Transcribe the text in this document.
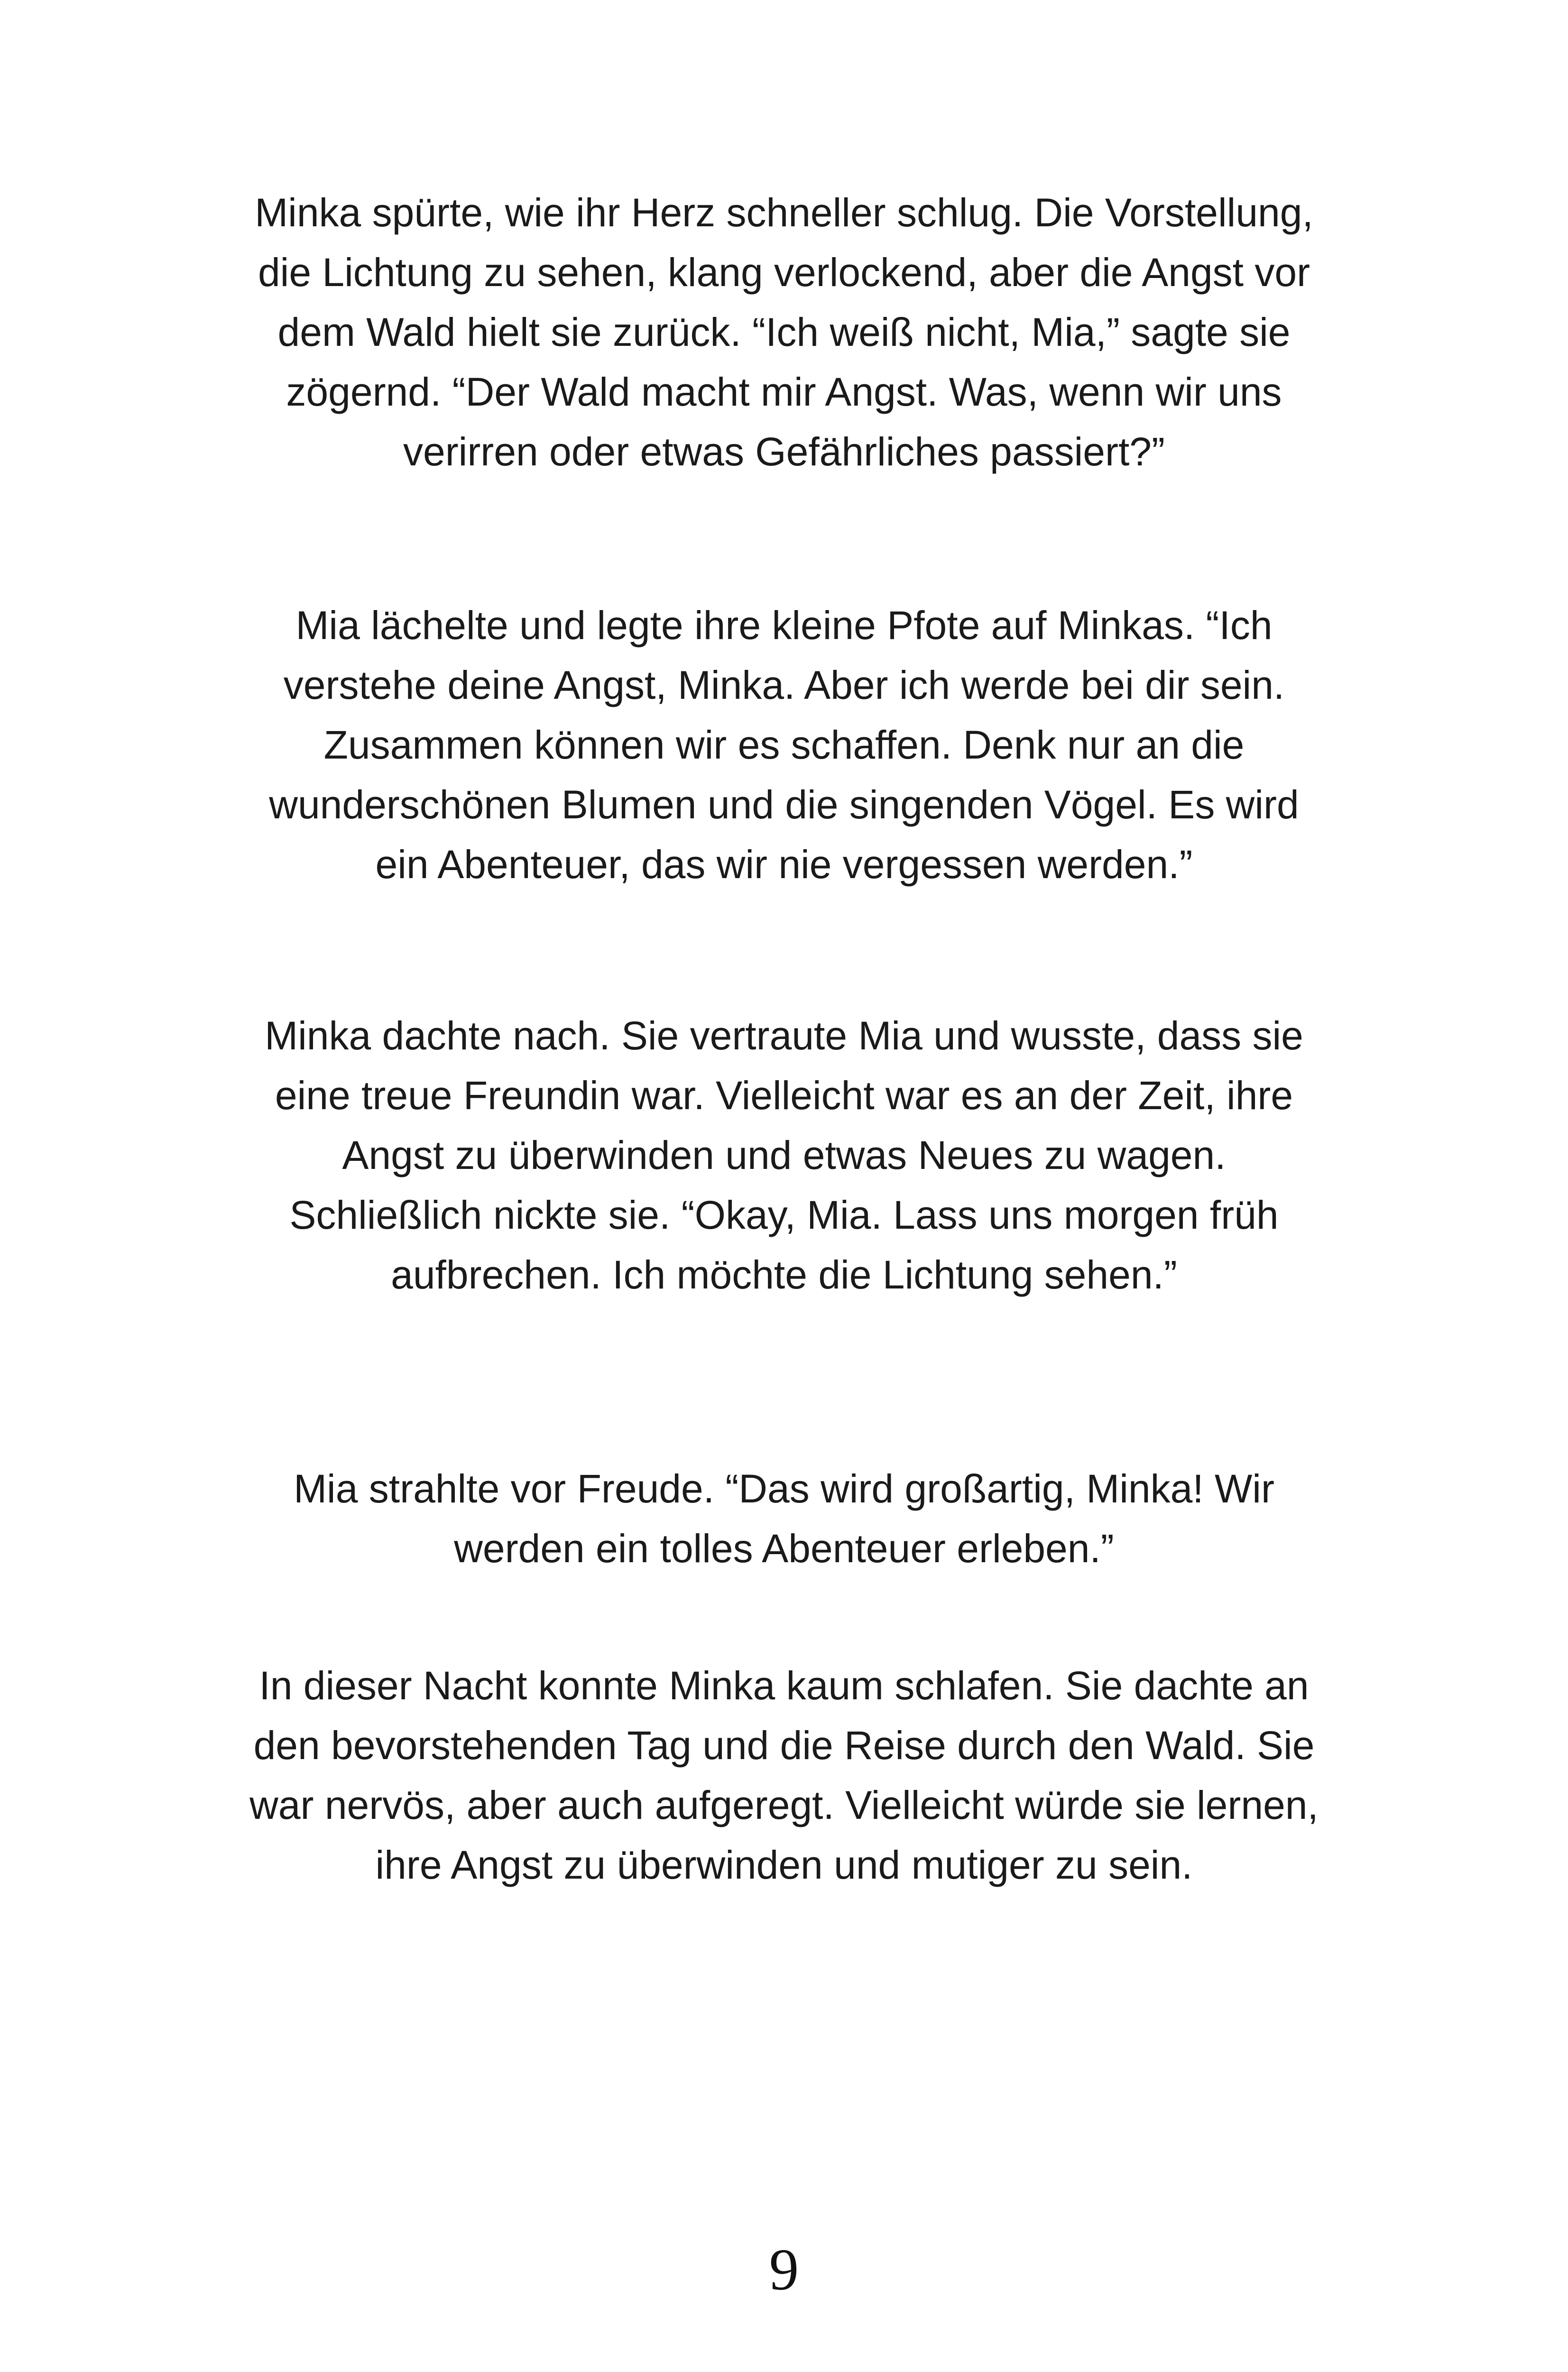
Minka spürte, wie ihr Herz schneller schlug. Die Vorstellung,
die Lichtung zu sehen, klang verlockend, aber die Angst vor
dem Wald hielt sie zurück. “Ich weiß nicht, Mia,” sagte sie
zögernd. “Der Wald macht mir Angst. Was, wenn wir uns
verirren oder etwas Gefährliches passiert?”

Mia lächelte und legte ihre kleine Pfote auf Minkas. “Ich
verstehe deine Angst, Minka. Aber ich werde bei dir sein.
Zusammen können wir es schaffen. Denk nur an die
wunderschönen Blumen und die singenden Vögel. Es wird
ein Abenteuer, das wir nie vergessen werden.”

Minka dachte nach. Sie vertraute Mia und wusste, dass sie
eine treue Freundin war. Vielleicht war es an der Zeit, ihre
Angst zu überwinden und etwas Neues zu wagen.
Schließlich nickte sie. “Okay, Mia. Lass uns morgen früh
aufbrechen. Ich möchte die Lichtung sehen.”

Mia strahlte vor Freude. “Das wird großartig, Minka! Wir
werden ein tolles Abenteuer erleben.”

In dieser Nacht konnte Minka kaum schlafen. Sie dachte an
den bevorstehenden Tag und die Reise durch den Wald. Sie
war nervös, aber auch aufgeregt. Vielleicht würde sie lernen,
ihre Angst zu überwinden und mutiger zu sein.

9
